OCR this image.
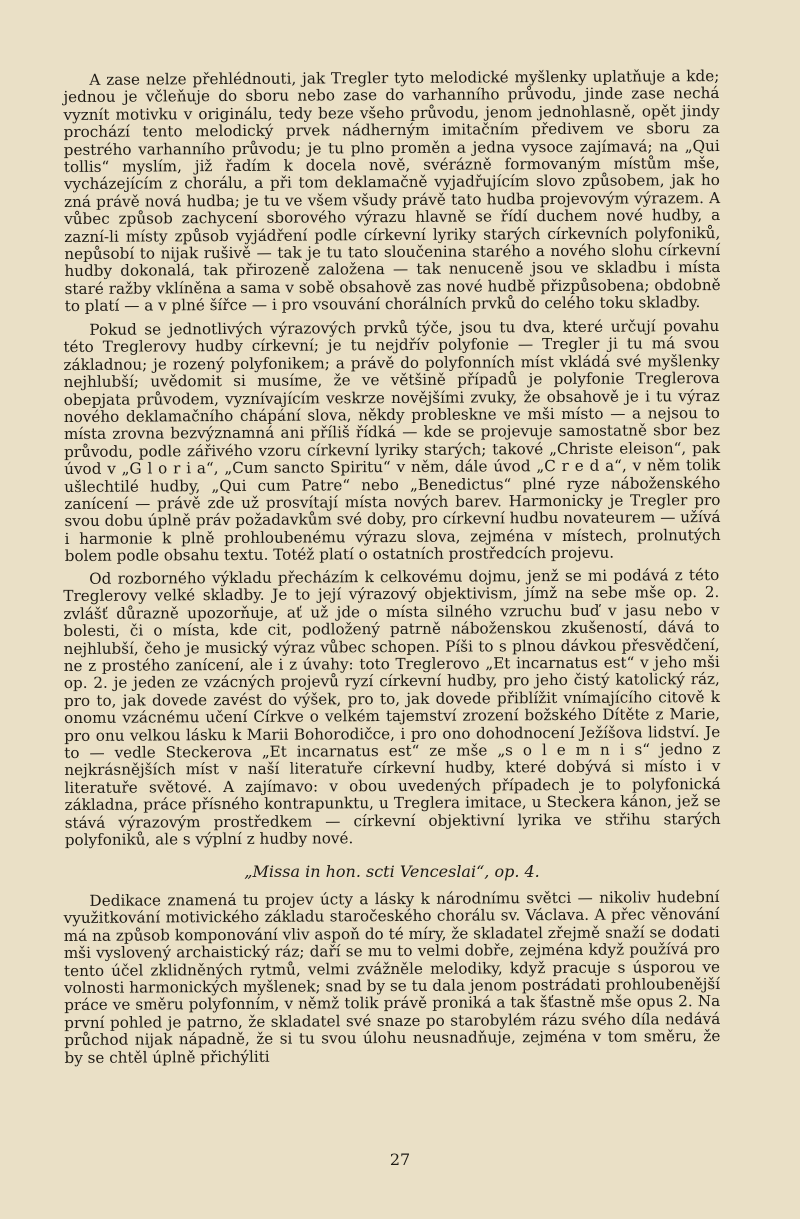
A zase nelze přehlédnouti, jak Tregler tyto melodické myšlenky uplatňuje a kde; jednou je včleňuje do sboru nebo zase do varhanního průvodu, jinde zase nechá vyznít motivku v originálu, tedy beze všeho průvodu, jenom jednohlasně, opět jindy prochází tento melodický prvek nádherným imitačním předivem ve sboru za pestrého varhanního průvodu; je tu plno proměn a jedna vysoce zajímavá; na „Qui tollis“ myslím, již řadím k docela nově, svérázně formovaným místům mše, vycházejícím z chorálu, a při tom deklamačně vyjadřujícím slovo způsobem, jak ho zná právě nová hudba; je tu ve všem všudy právě tato hudba projevovým výrazem. A vůbec způsob zachycení sborového výrazu hlavně se řídí duchem nové hudby, a zazní-li místy způsob vyjádření podle církevní lyriky starých církevních polyfoniků, nepůsobí to nijak rušivě — tak je tu tato sloučenina starého a nového slohu církevní hudby dokonalá, tak přirozeně založena — tak nenuceně jsou ve skladbu i místa staré ražby vklíněna a sama v sobě obsahově zas nové hudbě přizpůsobena; obdobně to platí — a v plné šířce — i pro vsouvání chorálních prvků do celého toku skladby.

Pokud se jednotlivých výrazových prvků týče, jsou tu dva, které určují povahu této Treglerovy hudby církevní; je tu nejdřív polyfonie — Tregler ji tu má svou základnou; je rozený polyfonikem; a právě do polyfonních míst vkládá své myšlenky nejhlubší; uvědomit si musíme, že ve většině případů je polyfonie Treglerova obepjata průvodem, vyznívajícím veskrze novějšími zvuky, že obsahově je i tu výraz nového deklamačního chápání slova, někdy probleskne ve mši místo — a nejsou to místa zrovna bezvýznamná ani příliš řídká — kde se projevuje samostatně sbor bez průvodu, podle zářivého vzoru církevní lyriky starých; takové „Christe eleison“, pak úvod v „G l o r i a“, „Cum sancto Spiritu“ v něm, dále úvod „C r e d a“, v něm tolik ušlechtilé hudby, „Qui cum Patre“ nebo „Benedictus“ plné ryze náboženského zanícení — právě zde už prosvítají místa nových barev. Harmonicky je Tregler pro svou dobu úplně práv požadavkům své doby, pro církevní hudbu novateurem — užívá i harmonie k plně prohloubenému výrazu slova, zejména v místech, prolnutých bolem podle obsahu textu. Totéž platí o ostatních prostředcích projevu.

Od rozborného výkladu přecházím k celkovému dojmu, jenž se mi podává z této Treglerovy velké skladby. Je to její výrazový objektivism, jímž na sebe mše op. 2. zvlášť důrazně upozorňuje, ať už jde o místa silného vzruchu buď v jasu nebo v bolesti, či o místa, kde cit, podložený patrně náboženskou zkušeností, dává to nejhlubší, čeho je musický výraz vůbec schopen. Píši to s plnou dávkou přesvědčení, ne z prostého zanícení, ale i z úvahy: toto Treglerovo „Et incarnatus est“ v jeho mši op. 2. je jeden ze vzácných projevů ryzí církevní hudby, pro jeho čistý katolický ráz, pro to, jak dovede zavést do výšek, pro to, jak dovede přiblížit vnímajícího citově k onomu vzácnému učení Církve o velkém tajemství zrození božského Dítěte z Marie, pro onu velkou lásku k Marii Bohorodičce, i pro ono dohodnocení Ježíšova lidství. Je to — vedle Steckerova „Et incarnatus est“ ze mše „s o l e m n i s“ jedno z nejkrásnějších míst v naší literatuře církevní hudby, které dobývá si místo i v literatuře světové. A zajímavo: v obou uvedených případech je to polyfonická základna, práce přísného kontrapunktu, u Treglera imitace, u Steckera kánon, jež se stává výrazovým prostředkem — církevní objektivní lyrika ve střihu starých polyfoniků, ale s výplní z hudby nové.

„Missa in hon. scti Venceslai“, op. 4.

Dedikace znamená tu projev úcty a lásky k národnímu světci — nikoliv hudební využitkování motivického základu staročeského chorálu sv. Václava. A přec věnování má na způsob komponování vliv aspoň do té míry, že skladatel zřejmě snaží se dodati mši vyslovený archaistický ráz; daří se mu to velmi dobře, zejména když používá pro tento účel zklidněných rytmů, velmi zvážněle melodiky, když pracuje s úsporou ve volnosti harmonických myšlenek; snad by se tu dala jenom postrádati prohloubenější práce ve směru polyfonním, v němž tolik právě proniká a tak šťastně mše opus 2. Na první pohled je patrno, že skladatel své snaze po starobylém rázu svého díla nedává průchod nijak nápadně, že si tu svou úlohu neusnadňuje, zejména v tom směru, že by se chtěl úplně přichýliti

27
